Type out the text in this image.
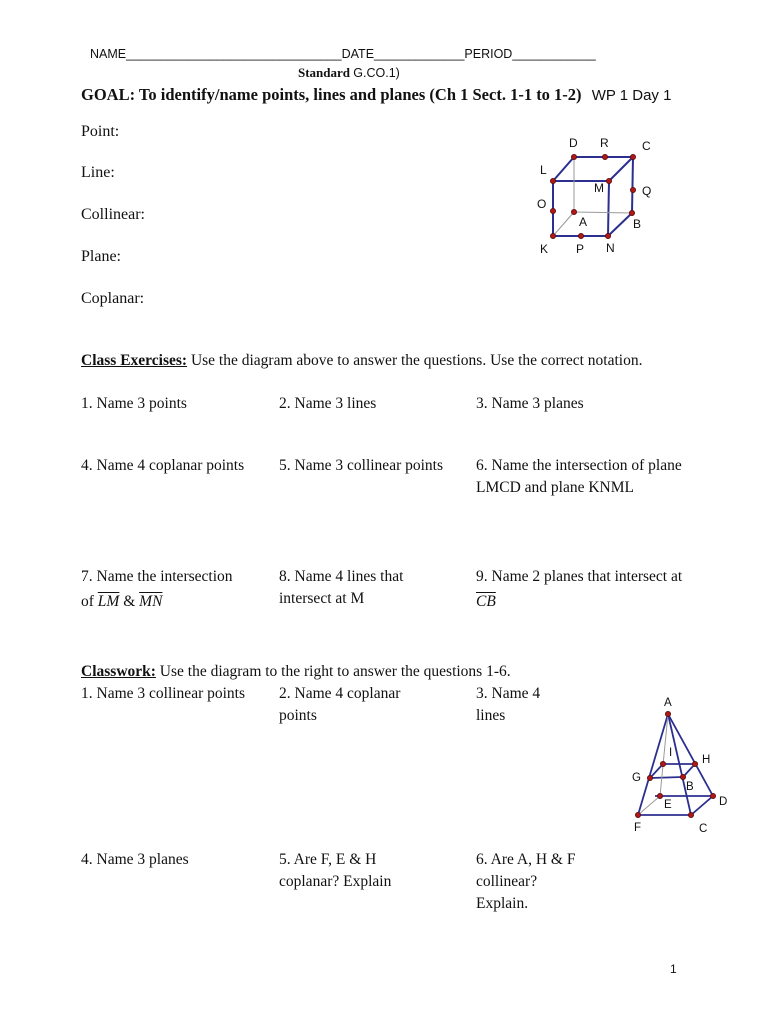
NAME_______________________________DATE_____________PERIOD____________
Standard G.CO.1)
GOAL: To identify/name points, lines and planes (Ch 1 Sect. 1-1 to 1-2) WP 1 Day 1
Point:
Line:
Collinear:
Plane:
Coplanar:
D R	C
L
M	Q
O
A	B
K P N
Class Exercises: Use the diagram above to answer the questions. Use the correct notation.
1. Name 3 points	2. Name 3 lines	3. Name 3 planes
4. Name 4 coplanar points 5. Name 3 collinear points 6. Name the intersection of plane LMCD and plane KNML
7. Name the intersection
of $\overline{LM}$ & $\overline{MN}$
8. Name 4 lines that intersect at M
9. Name 2 planes that intersect at
$\overline{CB}$
Classwork: Use the diagram to the right to answer the questions 1-6.
1. Name 3 collinear points 2. Name 4 coplanar points
3. Name 4 lines
4. Name 3 planes	5. Are F, E & H coplanar? Explain
6. Are A, H & F collinear? Explain.
A
I
H
G
B
E	D
F	C
1
